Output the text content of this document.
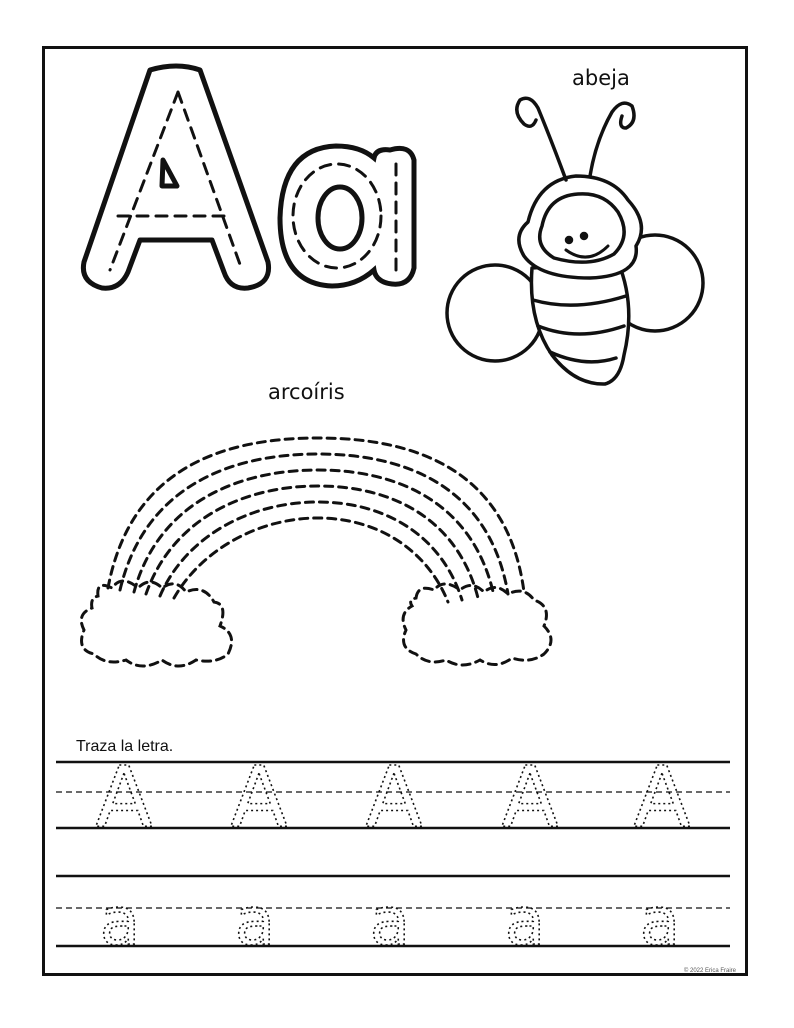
A A A A A
a a a a a
abeja
arcoíris
Traza la letra.
© 2022 Erica Fraire
